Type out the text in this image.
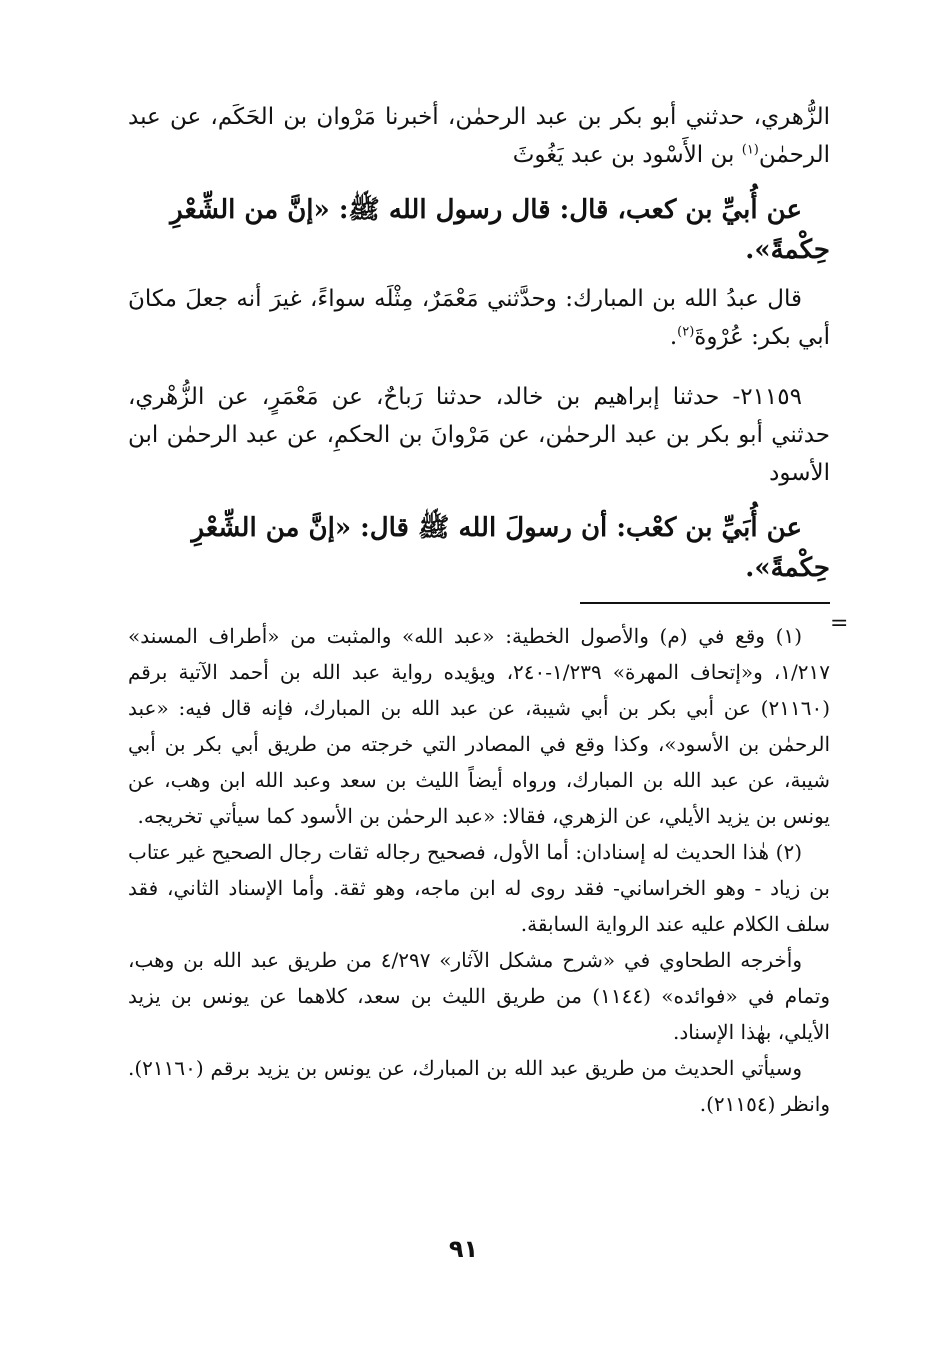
الزُّهري، حدثني أبو بكر بن عبد الرحمٰن، أخبرنا مَرْوان بن الحَكَم، عن عبد الرحمٰن$^{(١)}$ بن الأَسْود بن عبد يَغُوثَ

عن أُبيِّ بن كعب، قال: قال رسول الله ﷺ: «إنَّ من الشِّعْرِ حِكْمةً».

قال عبدُ الله بن المبارك: وحدَّثني مَعْمَرٌ، مِثْلَه سواءً، غيرَ أنه جعلَ مكانَ أبي بكر: عُرْوةَ$^{(٢)}$.

٢١١٥٩- حدثنا إبراهيم بن خالد، حدثنا رَباحٌ، عن مَعْمَرٍ، عن الزُّهْري، حدثني أبو بكر بن عبد الرحمٰن، عن مَرْوانَ بن الحكمِ، عن عبد الرحمٰن ابن الأسود

عن أُبَيِّ بن كعْب: أن رسولَ الله ﷺ قال: «إنَّ من الشِّعْرِ حِكْمةً».

(١) وقع في (م) والأصول الخطية: «عبد الله» والمثبت من «أطراف المسند» ١/٢١٧، و«إتحاف المهرة» ١/٢٣٩-٢٤٠، ويؤيده رواية عبد الله بن أحمد الآتية برقم (٢١١٦٠) عن أبي بكر بن أبي شيبة، عن عبد الله بن المبارك، فإنه قال فيه: «عبد الرحمٰن بن الأسود»، وكذا وقع في المصادر التي خرجته من طريق أبي بكر بن أبي شيبة، عن عبد الله بن المبارك، ورواه أيضاً الليث بن سعد وعبد الله ابن وهب، عن يونس بن يزيد الأيلي، عن الزهري، فقالا: «عبد الرحمٰن بن الأسود كما سيأتي تخريجه.

(٢) هٰذا الحديث له إسنادان: أما الأول، فصحيح رجاله ثقات رجال الصحيح غير عتاب بن زياد - وهو الخراساني- فقد روى له ابن ماجه، وهو ثقة. وأما الإسناد الثاني، فقد سلف الكلام عليه عند الرواية السابقة.

وأخرجه الطحاوي في «شرح مشكل الآثار» ٤/٢٩٧ من طريق عبد الله بن وهب، وتمام في «فوائده» (١١٤٤) من طريق الليث بن سعد، كلاهما عن يونس بن يزيد الأيلي، بهٰذا الإسناد.

وسيأتي الحديث من طريق عبد الله بن المبارك، عن يونس بن يزيد برقم (٢١١٦٠). وانظر (٢١١٥٤).

=
٩١
